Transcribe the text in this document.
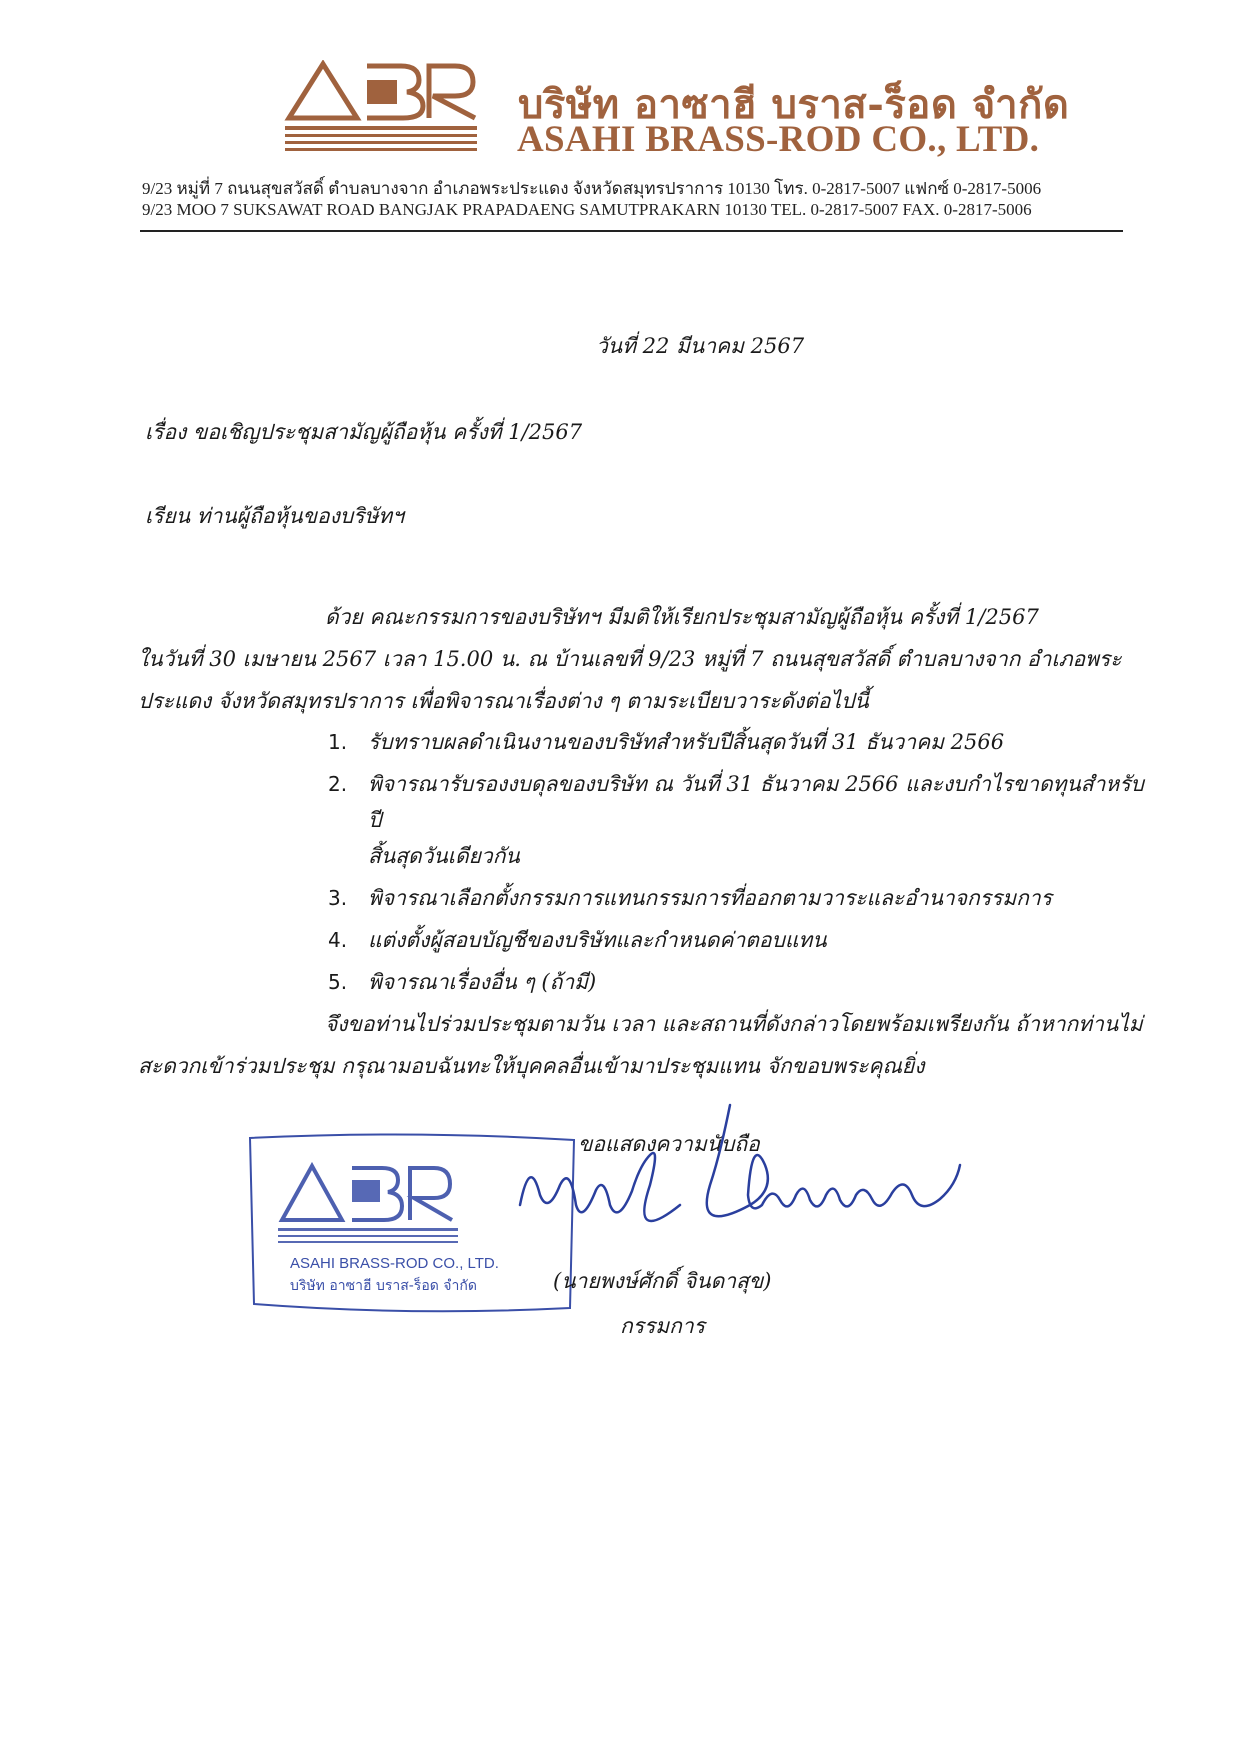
บริษัท อาซาฮี บราส-ร็อด จำกัด
ASAHI BRASS-ROD CO., LTD.
9/23 หมู่ที่ 7 ถนนสุขสวัสดิ์ ตำบลบางจาก อำเภอพระประแดง จังหวัดสมุทรปราการ 10130 โทร. 0-2817-5007 แฟกซ์ 0-2817-5006
9/23 MOO 7 SUKSAWAT ROAD BANGJAK PRAPADAENG SAMUTPRAKARN 10130 TEL. 0-2817-5007 FAX. 0-2817-5006
วันที่ 22 มีนาคม 2567
เรื่อง ขอเชิญประชุมสามัญผู้ถือหุ้น ครั้งที่ 1/2567
เรียน ท่านผู้ถือหุ้นของบริษัทฯ

ด้วย คณะกรรมการของบริษัทฯ มีมติให้เรียกประชุมสามัญผู้ถือหุ้น ครั้งที่ 1/2567

ในวันที่ 30 เมษายน 2567 เวลา 15.00 น. ณ บ้านเลขที่ 9/23 หมู่ที่ 7 ถนนสุขสวัสดิ์ ตำบลบางจาก อำเภอพระ

ประแดง จังหวัดสมุทรปราการ เพื่อพิจารณาเรื่องต่าง ๆ ตามระเบียบวาระดังต่อไปนี้

1. รับทราบผลดำเนินงานของบริษัทสำหรับปีสิ้นสุดวันที่ 31 ธันวาคม 2566
2. พิจารณารับรองงบดุลของบริษัท ณ วันที่ 31 ธันวาคม 2566 และงบกำไรขาดทุนสำหรับปี
สิ้นสุดวันเดียวกัน
3. พิจารณาเลือกตั้งกรรมการแทนกรรมการที่ออกตามวาระและอำนาจกรรมการ
4. แต่งตั้งผู้สอบบัญชีของบริษัทและกำหนดค่าตอบแทน
5. พิจารณาเรื่องอื่น ๆ (ถ้ามี)

จึงขอท่านไปร่วมประชุมตามวัน เวลา และสถานที่ดังกล่าวโดยพร้อมเพรียงกัน ถ้าหากท่านไม่

สะดวกเข้าร่วมประชุม กรุณามอบฉันทะให้บุคคลอื่นเข้ามาประชุมแทน จักขอบพระคุณยิ่ง

ASAHI BRASS-ROD CO., LTD.
บริษัท อาซาฮี บราส-ร็อด จำกัด
ขอแสดงความนับถือ
(นายพงษ์ศักดิ์ จินดาสุข)
กรรมการ
